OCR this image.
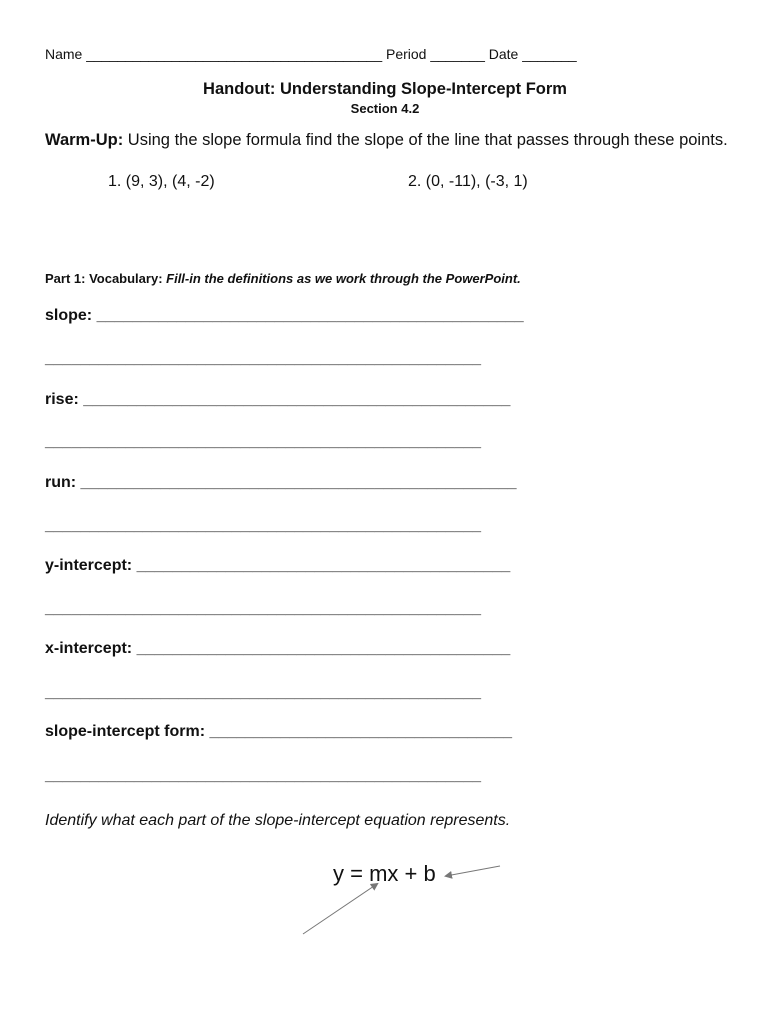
Name ______________________________________ Period _______ Date _______
Handout: Understanding Slope-Intercept Form
Section 4.2
Warm-Up: Using the slope formula find the slope of the line that passes through these points.
1. (9, 3), (4, -2)	2. (0, -11), (-3, 1)
Part 1: Vocabulary: Fill-in the definitions as we work through the PowerPoint.
slope: ________________________________________________
_________________________________________________
rise: ________________________________________________
_________________________________________________
run: _________________________________________________
_________________________________________________
y-intercept: __________________________________________
_________________________________________________
x-intercept: __________________________________________
_________________________________________________
slope-intercept form: __________________________________
_________________________________________________
Identify what each part of the slope-intercept equation represents.
y = mx + b
